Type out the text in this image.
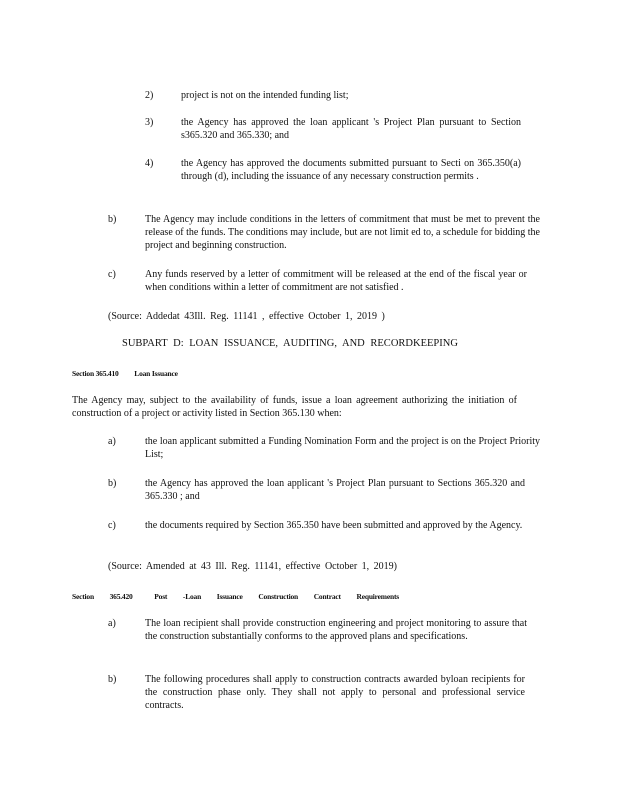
2)	project is not on the intended funding list;

3)	the Agency has approved the loan applicant 's Project Plan pursuant to Section s365.320 and 365.330; and

4)	the Agency has approved the documents submitted pursuant to Secti on 365.350(a) through (d), including the issuance of any necessary construction permits .

b)	The Agency may include conditions in the letters of commitment that must be met to prevent the release of the funds. The conditions may include, but are not limit ed to, a schedule for bidding the project and beginning construction.

c)	Any funds reserved by a letter of commitment will be released at the end of the fiscal year or when conditions within a letter of commitment are not satisfied .

(Source: Addedat 43Ill. Reg. 11141 , effective October 1, 2019 )

SUBPART D: LOAN ISSUANCE, AUDITING, AND RECORDKEEPING

Section 365.410 Loan Issuance

The Agency may, subject to the availability of funds, issue a loan agreement authorizing the initiation of construction of a project or activity listed in Section 365.130 when:

a)	the loan applicant submitted a Funding Nomination Form and the project is on the Project Priority List;

b)	the Agency has approved the loan applicant 's Project Plan pursuant to Sections 365.320 and 365.330 ; and

c)	the documents required by Section 365.350 have been submitted and approved by the Agency.

(Source: Amended at 43 Ill. Reg. 11141, effective October 1, 2019)

Section 365.420	Post -Loan Issuance Construction Contract Requirements
a)	The loan recipient shall provide construction engineering and project monitoring to assure that the construction substantially conforms to the approved plans and specifications.

b)	The following procedures shall apply to construction contracts awarded byloan recipients for the construction phase only. They shall not apply to personal and professional service contracts.
